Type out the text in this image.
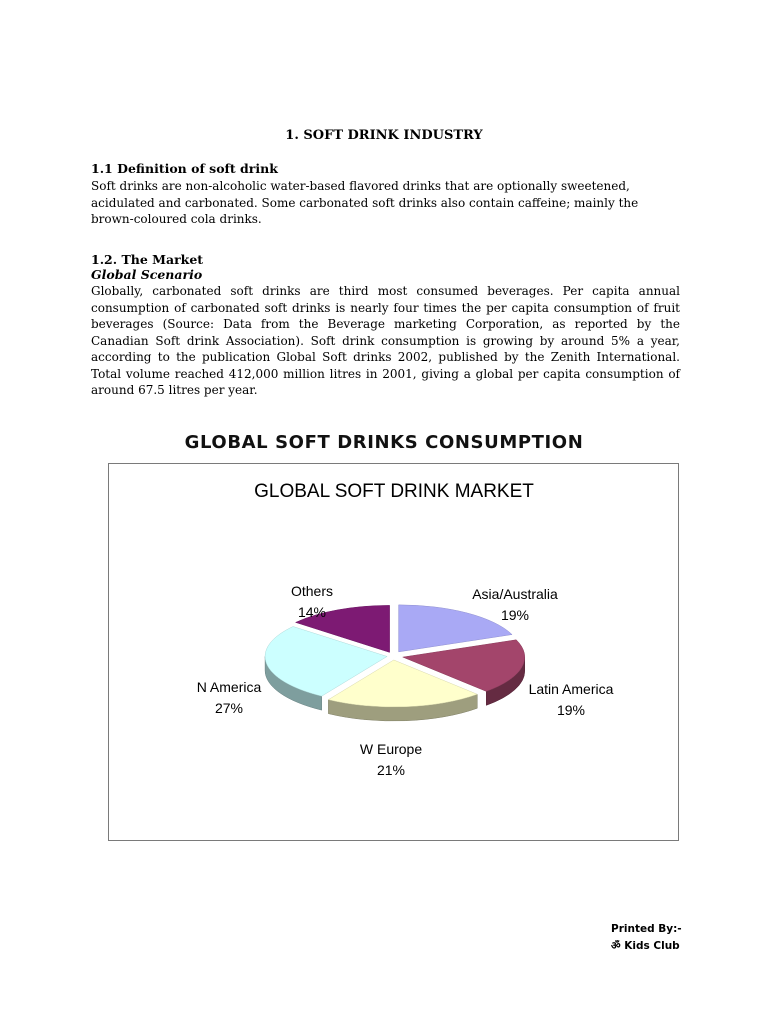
1. SOFT DRINK INDUSTRY
1.1 Definition of soft drink
Soft drinks are non-alcoholic water-based flavored drinks that are optionally sweetened, acidulated and carbonated. Some carbonated soft drinks also contain caffeine; mainly the brown-coloured cola drinks.
1.2. The Market
Global Scenario
Globally, carbonated soft drinks are third most consumed beverages. Per capita annual consumption of carbonated soft drinks is nearly four times the per capita consumption of fruit beverages (Source: Data from the Beverage marketing Corporation, as reported by the Canadian Soft drink Association). Soft drink consumption is growing by around 5% a year, according to the publication Global Soft drinks 2002, published by the Zenith International. Total volume reached 412,000 million litres in 2001, giving a global per capita consumption of around 67.5 litres per year.
GLOBAL SOFT DRINKS CONSUMPTION
GLOBAL SOFT DRINK MARKET
Asia/Australia
19%
Latin America
19%
W Europe
21%
N America
27%
Others
14%
Printed By:-
ॐ Kids Club
